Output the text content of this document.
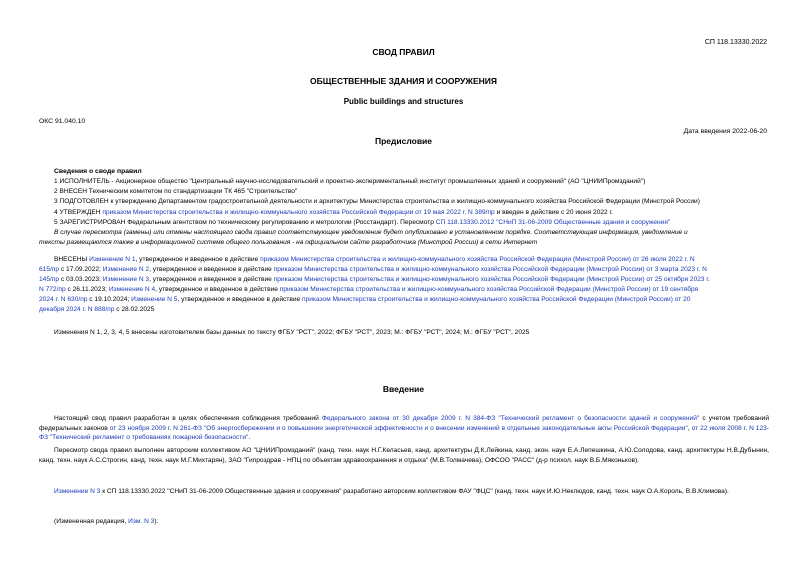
СП 118.13330.2022
СВОД ПРАВИЛ
ОБЩЕСТВЕННЫЕ ЗДАНИЯ И СООРУЖЕНИЯ
Public buildings and structures
ОКС 91.040.10
Дата введения 2022-06-20
Предисловие
Сведения о своде правил
1 ИСПОЛНИТЕЛЬ - Акционерное общество "Центральный научно-исследовательский и проектно-экспериментальный институт промышленных зданий и сооружений" (АО "ЦНИИПромзданий")
2 ВНЕСЕН Техническим комитетом по стандартизации ТК 465 "Строительство"
3 ПОДГОТОВЛЕН к утверждению Департаментом градостроительной деятельности и архитектуры Министерства строительства и жилищно-коммунального хозяйства Российской Федерации (Минстрой России)
4 УТВЕРЖДЕН приказом Министерства строительства и жилищно-коммунального хозяйства Российской Федерации от 19 мая 2022 г. N 389/пр и введен в действие с 20 июня 2022 г.
5 ЗАРЕГИСТРИРОВАН Федеральным агентством по техническому регулированию и метрологии (Росстандарт). Пересмотр СП 118.13330.2012 "СНиП 31-06-2009 Общественные здания и сооружения"
В случае пересмотра (замены) или отмены настоящего свода правил соответствующее уведомление будет опубликовано в установленном порядке. Соответствующая информация, уведомление и
тексты размещаются также в информационной системе общего пользования - на официальном сайте разработчика (Минстрой России) в сети Интернет
ВНЕСЕНЫ Изменение N 1, утвержденное и введенное в действие приказом Министерства строительства и жилищно-коммунального хозяйства Российской Федерации (Минстрой России) от 26 июля 2022 г. N
615/пр с 17.09.2022; Изменение N 2, утвержденное и введенное в действие приказом Министерства строительства и жилищно-коммунального хозяйства Российской Федерации (Минстрой России) от 3 марта 2023 г. N
145/пр с 03.03.2023; Изменение N 3, утвержденное и введенное в действие приказом Министерства строительства и жилищно-коммунального хозяйства Российской Федерации (Минстрой России) от 25 октября 2023 г.
N 772/пр с 26.11.2023; Изменение N 4, утвержденное и введенное в действие приказом Министерства строительства и жилищно-коммунального хозяйства Российской Федерации (Минстрой России) от 19 сентября
2024 г. N 630/пр с 19.10.2024; Изменение N 5, утвержденное и введенное в действие приказом Министерства строительства и жилищно-коммунального хозяйства Российской Федерации (Минстрой России) от 20
декабря 2024 г. N 888/пр с 28.02.2025
Изменения N 1, 2, 3, 4, 5 внесены изготовителем базы данных по тексту ФГБУ "РСТ", 2022; ФГБУ "РСТ", 2023; М.: ФГБУ "РСТ", 2024; М.: ФГБУ "РСТ", 2025
Введение
Настоящий свод правил разработан в целях обеспечения соблюдения требований Федерального закона от 30 декабря 2009 г. N 384-ФЗ "Технический регламент о безопасности зданий и сооружений" с учетом требований федеральных законов от 23 ноября 2009 г. N 261-ФЗ "Об энергосбережении и о повышении энергетической эффективности и о внесении изменений в отдельные законодательные акты Российской Федерации", от 22 июля 2008 г. N 123-ФЗ "Технический регламент о требованиях пожарной безопасности".
Пересмотр свода правил выполнен авторским коллективом АО "ЦНИИПромзданий" (канд. техн. наук Н.Г.Келасьев, канд. архитектуры Д.К.Лейкина, канд. экон. наук Е.А.Лепешкина, А.Ю.Солодова, канд. архитектуры Н.В.Дубынин, канд. техн. наук А.С.Строгин, канд. техн. наук М.Г.Михтарян), ЗАО "Гипроздрав - НПЦ по объектам здравоохранения и отдыха" (М.В.Толмачева), ОФСОО "РАСС" (д-р психол. наук В.Б.Мяконьков).
Изменение N 3 к СП 118.13330.2022 "СНиП 31-06-2009 Общественные здания и сооружения" разработано авторским коллективом ФАУ "ФЦС" (канд. техн. наук И.Ю.Неклюдов, канд. техн. наук О.А.Король, В.В.Климова).
(Измененная редакция, Изм. N 3).
